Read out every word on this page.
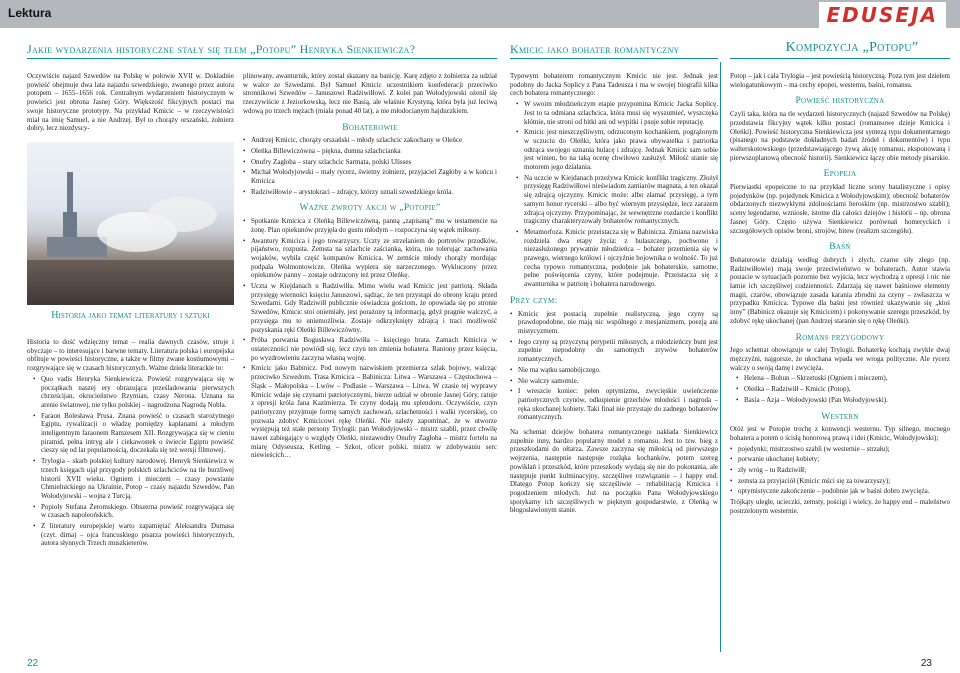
Lektura	EDUSEJA
Jakie wydarzenia historyczne stały się tłem „Potopu” Henryka Sienkiewicza?	Kmicic jako bohater romantyczny	Kompozycja „Potopu”

Oczywiście najazd Szwedów na Polskę w połowie XVII w. Dokładnie powieść obejmuje dwa lata najazdu szwedzkiego, zwanego przez autora potopem – 1655–1656 rok. Centralnym wydarzeniem historycznym w powieści jest obrona Jasnej Góry. Większość fikcyjnych postaci ma swoje historyczne prototypy. Na przykład Kmicic – w rzeczywistości miał na imię Samuel, a nie Andrzej. Był to chorąży orszański, żołnierz dobry, lecz niezdyscy-

Historia jako temat literatury i sztuki

Historia to dość wdzięczny temat – realia dawnych czasów, stroje i obyczaje – to interesujące i barwne tematy. Literatura polska i europejska obfituje w powieści historyczne, a także w filmy zwane kostiumowymi – rozgrywające się w czasach historycznych. Ważne dzieła literackie to:

• Quo vadis Henryka Sienkiewicza. Powieść rozgrywająca się w początkach naszej ery obrazująca prześladowania pierwszych chrześcijan, okrucieństwo Rzymian, czasy Nerona. Uznana na arenie światowej, nie tylko polskiej – nagrodzona Nagrodą Nobla.
• Faraon Bolesława Prusa. Znana powieść o czasach starożytnego Egiptu, rywalizacji o władzę pomiędzy kapłanami a młodym inteligentnym faraonem Ramzesem XII. Rozgrywająca się w cieniu piramid, pełna intryg ale i ciekawostek o świecie Egiptu powieść cieszy się od lat popularnością, doczekała się też wersji filmowej.
• Trylogia – skarb polskiej kultury narodowej. Henryk Sienkiewicz w trzech księgach ujął przygody polskich szlachciców na tle burzliwej historii XVII wieku. Ogniem i mieczem – czasy powstanie Chmielnickiego na Ukrainie, Potop – czasy najazdu Szwedów, Pan Wołodyjowski – wojna z Turcją.
• Popioły Stefana Żeromskiego. Obszerna powieść rozgrywająca się w czasach napoleońskich.
• Z literatury europejskiej warto zapamiętać Aleksandra Dumasa (czyt. dima) – ojca francuskiego pisarza powieści historycznych, autora słynnych Trzech muszkieterów.
22

plinowany, awanturnik, który został skazany na banicję. Karę zdjęto z żołnierza za udział w walce ze Szwedami. Był Samuel Kmicic uczestnikiem konfederacji przeciwko stronnikowi Szwedów – Januszowi Radziwiłłowi. Z kolei pan Wołodyjowski ożenił się rzeczywiście z Jeziorkowską, lecz nie Basią, ale właśnie Krystyną, która była już leciwą wdową po trzech mężach (miała ponad 40 lat), a nie młodocianym hajduczkiem.

Bohaterowie
• Andrzej Kmicic, chorąży orszański – młody szlachcic zakochany w Oleńce
• Oleńka Billewiczówna – piękna, dumna szlachcianka
• Onufry Zagłoba – stary szlachcic Sarmata, polski Ulisses
• Michał Wołodyjowski – mały rycerz, świetny żołnierz, przyjaciel Zagłoby a w końcu i Kmicica
• Radziwiłłowie – arystokraci – zdrajcy, którzy uznali szwedzkiego króla.
Ważne zwroty akcji w „Potopie”
• Spotkanie Kmicica z Oleńką Billewiczówną, panną „zapisaną” mu w testamencie na żonę. Plan opiekunów przyjęła do gustu młodym – rozpoczyna się wątek miłosny.
• Awantury Kmicica i jego towarzyszy. Uczty ze strzelaniem do portretów przodków, pijaństwo, rozpusta. Zemsta na szlachcie zaścianka, która, nie tolerując zachowania wojaków, wybiła część kompanów Kmicica. W zemście młody chorąży mordując podpala Wołmontowicze. Oleńka wypiera się narzeczonego. Wykluczony przez opiekunów panny – zostaje odrzucony też przez Oleńkę.
• Uczta w Kiejdanach u Radziwiłła. Mimo wielu wad Kmicic jest patriotą. Składa przysięgę wierności księciu Januszowi, sądząc, że ten przystąpi do obrony kraju przed Szwedami. Gdy Radziwiłł publicznie oświadcza gościom, że opowiada się po stronie Szwedów, Kmicic stoi oniemiały, jest porażony tą informacją, gdyż pragnie walczyć, a przysięga mu to uniemożliwia. Zostaje odkrzyknięty zdrajcą i traci możliwość pozyskania ręki Oleńki Billewiczówny.
• Próba porwania Bogusława Radziwiłła – księciego brata. Zamach Kmicica w ostateczności nie powiódł się, lecz czyn ten zmienia bohatera. Raniony przez księcia, po wyzdrowieniu zaczyna własną wojnę.
• Kmicic jako Babinicz. Pod nowym nazwiskiem przemierza szlak bojowy, walcząc przeciwko Szwedom. Trasa Kmicica – Babinicza: Litwa – Warszawa – Częstochowa – Śląsk – Małopolska – Lwów – Podlasie – Warszawa – Litwa. W czasie tej wyprawy Kmicic wdaje się czynami patriotycznymi, bierze udział w obronie Jasnej Góry, ratuje z opresji króla Jana Kazimierza. Te czyny dodają mu splendoru. Oczywiście, czyn patriotyczny przyjmuje formę samych zachowań, szlachetności i walki rycerskiej, co pozwala zdobyć Kmicicowi rękę Oleńki. Nie należy zapominać, że w utworze występują też stałe persony Trylogii: pan Wołodyjowski – mistrz szabli, przez chwilę nawet zabiegający o względy Oleńki, niezawodny Onufry Zagłoba – mistrz fortelu na miarę Odyseusza, Ketling – Szkot, oficer polski, mistrz w zdobywaniu serc niewieścich…

Typowym bohaterem romantycznym Kmicic nie jest. Jednak jest podobny do Jacka Soplicy z Pana Tadeusza i ma w swojej biografii kilka cech bohatera romantycznego:

• W swoim młodzieńczym etapie przypomina Kmicic Jacka Soplicę. Jest to ta odmiana szlachcica, która musi się wyszumieć, wyszczęka kłótnie, nie stroni od bitki ani od wypitki i psuje sobie reputację.
• Kmicic jest nieszczęśliwym, odrzuconym kochankiem, pogrążonym w uczuciu do Oleńki, która jako prawa obywatelka i patriotka odtrąca swojego uznania hulacę i zdrajcę. Jednak Kmicic sam sobie jest winien, bo na taką ocenę chwilowo zasłużył. Miłość stanie się motorem jego działania.
• Na uczcie w Kiejdanach przeżywa Kmicic konflikt tragiczny. Złożył przysięgę Radziwiłłowi nieświadom zamiarów magnata, a ten okazał się zdrajcą ojczyzny. Kmicic może: albo złamać przysięgę, a tym samym honor rycerski – albo być wiernym przysiędze, lecz zarazem zdrajcą ojczyzny. Przypominając, że wewnętrzne rozdarcie i konflikt tragiczny charakteryzowały bohaterów romantycznych.
• Metamorfoza. Kmicic przeistacza się w Babinicza. Zmiana nazwiska rozdziela dwa etapy życia: z hulaszczego, pochwono i niezasłużonego prywatnie młodzieńca – bohater przemienia się w prawego, wiernego królowi i ojczyźnie bojownika o wolność. To już cecha typowo romantyczna, podobnie jak bohaterskie, samotne, pełne poświęcenia czyny, które podejmuje. Przeistacza się z awanturnika w patriotę i bohatera narodowego.
Przy czym:
• Kmicic jest postacią zupełnie realistyczną, jego czyny są prawdopodobne, nie mają nic wspólnego z mesjanizmem, poezją ani mistycyzmem.
• Jego czyny są przyczyną perypetii miłosnych, a młodzieńczy bunt jest zupełnie niepodobny do samotnych zrywów bohaterów romantycznych.
• Nie ma wątku samobójczego.
• Nie walczy samotnie.
• I wreszcie koniec: pełen optymizmu, zwycięskie uwieńczenie patriotycznych czynów, odkupienie grzechów młodości i nagroda – ręka ukochanej kobiety. Taki finał nie przystaje do zadnego bohaterów romantycznych.

Na schemat dziejów bohatera romantycznego nakłada Sienkiewicz zupełnie inny, bardzo popularny model z romansu. Jest to tzw. bieg z przeszkodami do ołtarza. Zawsze zaczyna się miłością od pierwszego wejrzenia, następnie następuje rozłąka kochanków, potem szereg powikłań i przeszkód, które przeszkody wydają się nie do pokonania, ale następuje punkt kulminacyjny, szczęśliwe rozwiązanie – i happy end. Dlatego Potop kończy się szczęśliwie – rehabilitacją Kmicica i pogodzeniem młodych. Już na początku Pana Wołodyjowskiego spotykamy ich szczęśliwych w pięknym gospodarstwie, z Oleńką w błogosławionym stanie.

Potop – jak i cała Trylogia – jest powieścią historyczną. Poza tym jest dziełem wielogatunkowym – ma cechy epopei, westernu, baśni, romansu.

Powieść historyczna

Czyli taka, która na tle wydarzeń historycznych (najazd Szwedów na Polskę) przedstawia fikcyjny wątek kilku postaci (romansowe dzieje Kmicica i Oleńki). Powieść historyczna Sienkiewicza jest syntezą typu dokumentarnego (pisanego na podstawie dokładnych badań źródeł i dokumentów) i typu walterskotowskiego (przedstawiającego żywą akcję romansu, eksponowaną i pierwszoplanową obecność historii). Sienkiewicz łączy obie metody pisarskie.

Epopeja

Pierwiastki epopeiczne to na przykład liczne sceny batalistyczne i opisy pojedynków (np. pojedynek Kmicica z Wołodyjowskim); obecność bohaterów obdarzonych niezwykłymi zdolnościami heroskim (np. mistrzostwo szabli); sceny legendarne, wzniosłe, istotne dla całości dziejów i historii – np. obrona Jasnej Góry. Często używa Sienkiewicz porównań homeryckich i szczegółowych opisów broni, strojów, bitew (realizm szczegółu).

Baśń

Bohaterowie działają według dobrych i złych, czarne siły złego (np. Radziwiłłowie) mają swoje przeciwieństwo w bohaterach. Autor stawia postacie w sytuacjach pozornie bez wyjścia, lecz wychodzą z opresji i nic nie łamie ich szczęśliwej codzienności. Zdarzają się nawet baśniowe elementy magii, czarów, obowiązuje zasada karania zbrodni za czyny – zwłaszcza w przypadku Kmicica. Typowe dla baśni jest również ukazywanie się „ktoś inny” (Babinicz okazuje się Kmicicem) i pokonywanie szeregu przeszkód, by zdobyć rękę ukochanej (pan Andrzej staranie się o rękę Oleńki).

Romans przygodowy

Jego schemat obowiązuje w całej Trylogii. Bohaterkę kochają zwykle dwaj mężczyźni, najgorsze, że ukochana wpada we wroga polityczne. Ale rycerz walczy o swoją damę i zwycięża.

• Helena – Bohun – Skrzetuski (Ogniem i mieczem),
• Oleńka – Radziwiłł – Kmicic (Potop),
• Basia – Azja – Wołodyjowski (Pan Wołodyjowski).
Western

Otóż jest w Potopie trochę z konwencji westernu. Typ silnego, mocnego bohatera a potem o ścisłą honorową prawą i idei (Kmicic, Wołodyjowski);

• pojedynki; mistrzostwo szabli (w westernie – strzału);
• porwanie ukochanej kobiety;
• zły wróg – tu Radziwiłł;
• zemsta za przyjaciół (Kmicic mści się za towarzyszy);
• optymistyczne zakończenie – podobnie jak w baśni dobro zwycięża.

Trójkąty uległe, ucieczki, zemsty, pościgi i wielcy, że happy end – maleństwo postrzelonym westernie.

23
